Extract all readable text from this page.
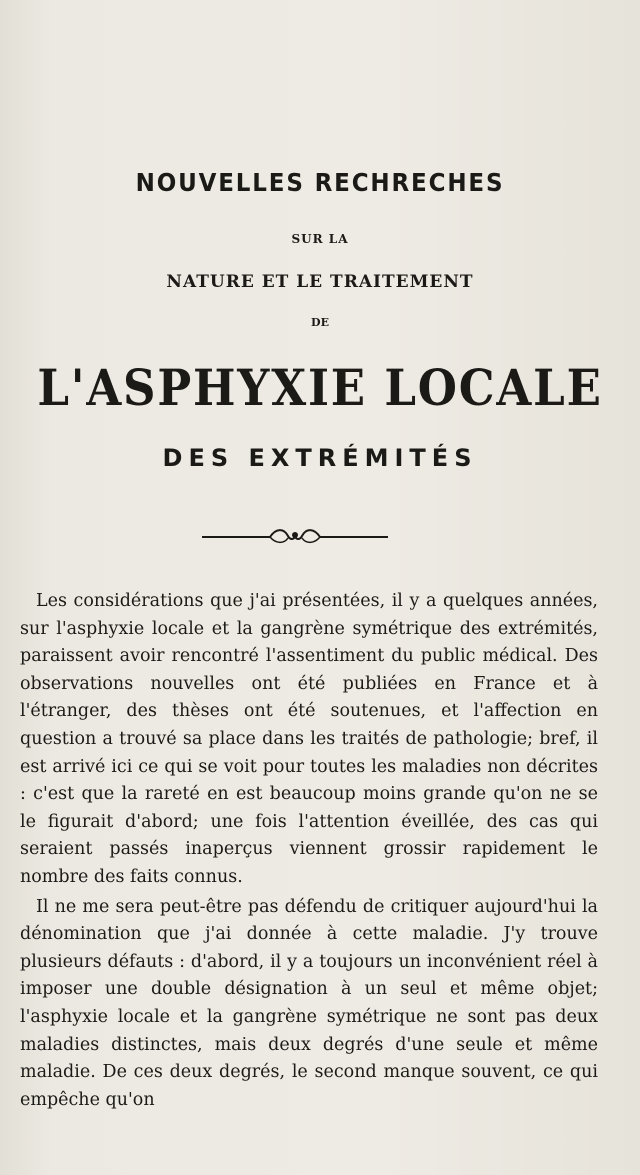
NOUVELLES RECHRECHES
SUR LA
NATURE ET LE TRAITEMENT
DE
L'ASPHYXIE LOCALE
DES EXTRÉMITÉS

Les considérations que j'ai présentées, il y a quelques années, sur l'asphyxie locale et la gangrène symétrique des extrémités, paraissent avoir rencontré l'assentiment du public médical. Des observations nouvelles ont été publiées en France et à l'étranger, des thèses ont été soutenues, et l'affection en question a trouvé sa place dans les traités de pathologie; bref, il est arrivé ici ce qui se voit pour toutes les maladies non décrites : c'est que la rareté en est beaucoup moins grande qu'on ne se le figurait d'abord; une fois l'attention éveillée, des cas qui seraient passés inaperçus viennent grossir rapidement le nombre des faits connus.

Il ne me sera peut-être pas défendu de critiquer aujourd'hui la dénomination que j'ai donnée à cette maladie. J'y trouve plusieurs défauts : d'abord, il y a toujours un inconvénient réel à imposer une double désignation à un seul et même objet; l'asphyxie locale et la gangrène symétrique ne sont pas deux maladies distinctes, mais deux degrés d'une seule et même maladie. De ces deux degrés, le second manque souvent, ce qui empêche qu'on
